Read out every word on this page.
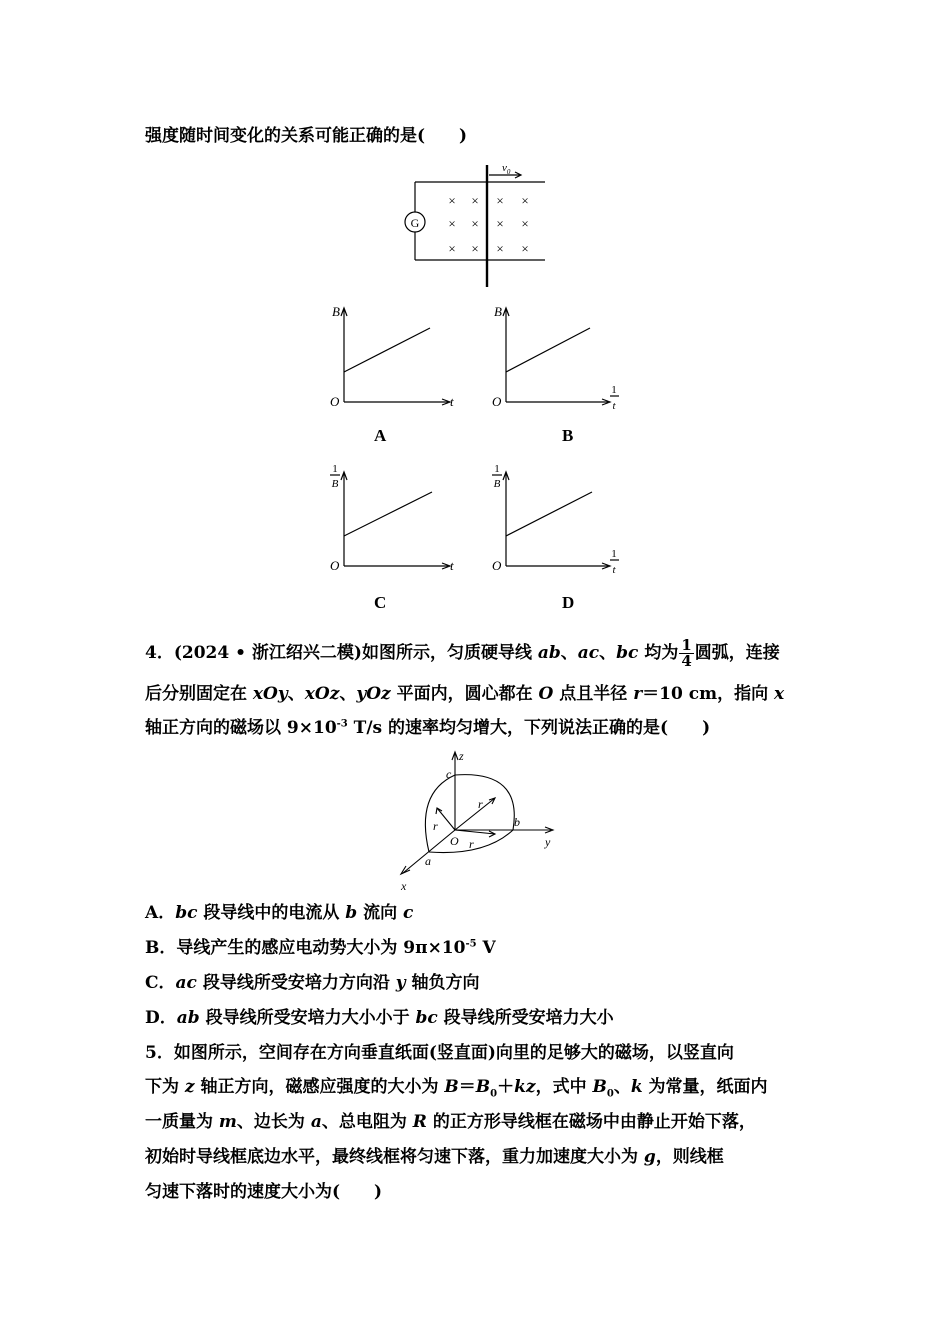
强度随时间变化的关系可能正确的是(　　)
G
$v_0$
× × × ×
× × × ×
× × × ×
B
O	t
A
B
O
1
t
B
1
B
O	t
C
1
B
O
1
t
D
4．(2024 • 浙江绍兴二模)如图所示，匀质硬导线 ab、ac、bc 均为 $\frac{1}{4}$ 圆弧，连接
后分别固定在 xOy、xOz、yOz 平面内，圆心都在 O 点且半径 r＝10 cm，指向 x
轴正方向的磁场以 $9\times 10^{-3}$ T/s 的速率均匀增大，下列说法正确的是(　　)
z
y
x
c
b
a
O
r
r
r
A．bc 段导线中的电流从 b 流向 c
B．导线产生的感应电动势大小为 $9\pi\times 10^{-5}$ V
C．ac 段导线所受安培力方向沿 y 轴负方向
D．ab 段导线所受安培力大小小于 bc 段导线所受安培力大小
5．如图所示，空间存在方向垂直纸面(竖直面)向里的足够大的磁场，以竖直向
下为 z 轴正方向，磁感应强度的大小为 $B=B_0+kz$，式中 $B_0$、k 为常量，纸面内
一质量为 m、边长为 a、总电阻为 R 的正方形导线框在磁场中由静止开始下落，
初始时导线框底边水平，最终线框将匀速下落，重力加速度大小为 g，则线框
匀速下落时的速度大小为(　　)
